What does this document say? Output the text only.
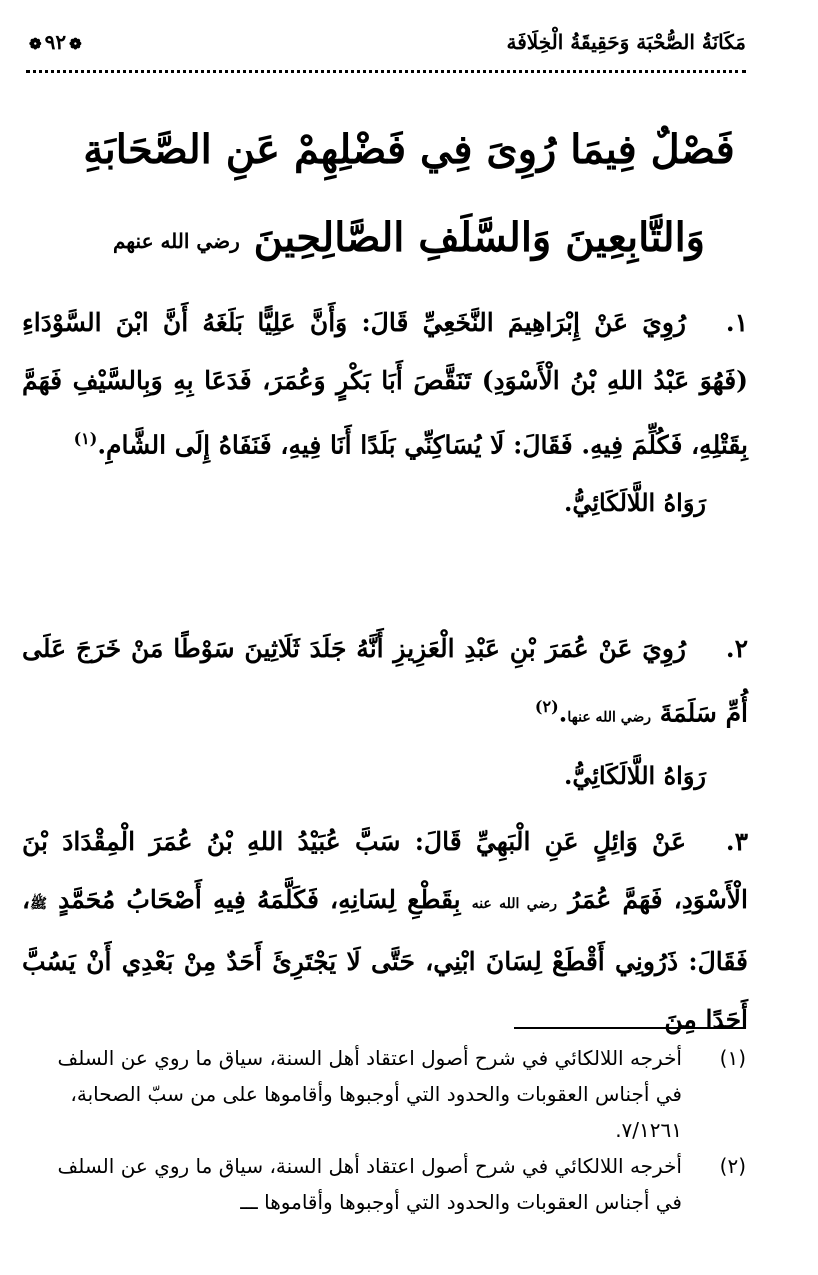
مَكَانَةُ الصُّحْبَة وَحَقِيقَةُ الْخِلَافَة
❁٩٢❁
فَصْلٌ فِيمَا رُوِىَ فِي فَضْلِهِمْ عَنِ الصَّحَابَةِ
وَالتَّابِعِينَ وَالسَّلَفِ الصَّالِحِينَ رضي الله عنهم

١.رُوِيَ عَنْ إِبْرَاهِيمَ النَّخَعِيِّ قَالَ: وَأَنَّ عَلِيًّا بَلَغَهُ أَنَّ ابْنَ السَّوْدَاءِ (فَهُوَ عَبْدُ اللهِ بْنُ الْأَسْوَدِ) تَنَقَّصَ أَبَا بَكْرٍ وَعُمَرَ، فَدَعَا بِهِ وَبِالسَّيْفِ فَهَمَّ بِقَتْلِهِ، فَكُلِّمَ فِيهِ. فَقَالَ: لَا يُسَاكِنِّي بَلَدًا أَنَا فِيهِ، فَنَفَاهُ إِلَى الشَّامِ.$^{(١)}$

رَوَاهُ اللَّالَكَائِيُّ.

٢.رُوِيَ عَنْ عُمَرَ بْنِ عَبْدِ الْعَزِيزِ أَنَّهُ جَلَدَ ثَلَاثِينَ سَوْطًا مَنْ خَرَجَ عَلَى أُمِّ سَلَمَةَ رضي الله عنها.$^{(٢)}$

رَوَاهُ اللَّالَكَائِيُّ.

٣.عَنْ وَائِلٍ عَنِ الْبَهِيِّ قَالَ: سَبَّ عُبَيْدُ اللهِ بْنُ عُمَرَ الْمِقْدَادَ بْنَ الْأَسْوَدِ، فَهَمَّ عُمَرُ رضي الله عنه بِقَطْعِ لِسَانِهِ، فَكَلَّمَهُ فِيهِ أَصْحَابُ مُحَمَّدٍ ﷺ، فَقَالَ: ذَرُونِي أَقْطَعْ لِسَانَ ابْنِي، حَتَّى لَا يَجْتَرِئَ أَحَدٌ مِنْ بَعْدِي أَنْ يَسُبَّ أَحَدًا مِنَ

(١)
أخرجه اللالكائي في شرح أصول اعتقاد أهل السنة، سياق ما روي عن السلف في أجناس العقوبات والحدود التي أوجبوها وأقاموها على من سبّ الصحابة، ٧/١٢٦١.
(٢)
أخرجه اللالكائي في شرح أصول اعتقاد أهل السنة، سياق ما روي عن السلف في أجناس العقوبات والحدود التي أوجبوها وأقاموها ـــ
